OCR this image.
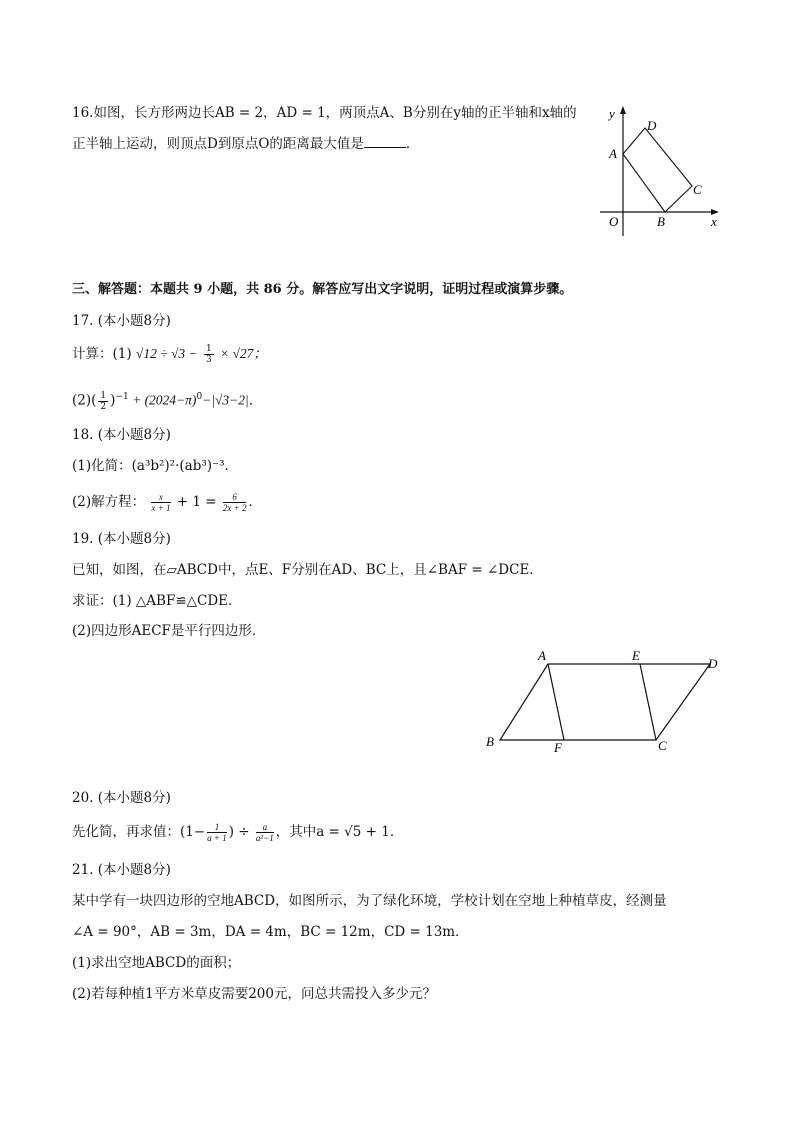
16.如图，长方形两边长AB = 2，AD = 1，两顶点A、B分别在y轴的正半轴和x轴的
正半轴上运动，则顶点D到原点O的距离最大值是	．
y
x
O
A
B
C
D
三、解答题：本题共 9 小题，共 86 分。解答应写出文字说明，证明过程或演算步骤。
17. (本小题8分)
计算：(1) $√12 \div √3 - \frac{1}{3} \times √27$；
$(2)( \frac{1}{2} )^{-1} + (2024-\pi)^0-|√3-2|$．
18. (本小题8分)
(1)化简：(a³b²)²·(ab³)⁻³．
(2)解方程： $\frac{x}{x + 1} + 1 = \frac{6}{2x + 2}$ ．
19. (本小题8分)
已知，如图，在▱ABCD中，点E、F分别在AD、BC上，且∠BAF = ∠DCE．
求证：(1) △ABF≌△CDE．
(2)四边形AECF是平行四边形．
A	E
D
B	F	C
20. (本小题8分)
先化简，再求值：($1- \frac{1}{a + 1}$ ) ÷ $\frac{a}{\text{a²−1}}$ ，其中a = √5 + 1．
21. (本小题8分)
某中学有一块四边形的空地ABCD，如图所示，为了绿化环境，学校计划在空地上种植草皮，经测量
∠A = 90°，AB = 3m，DA = 4m，BC = 12m，CD = 13m．
(1)求出空地ABCD的面积；
(2)若每种植1平方米草皮需要200元，问总共需投入多少元？
